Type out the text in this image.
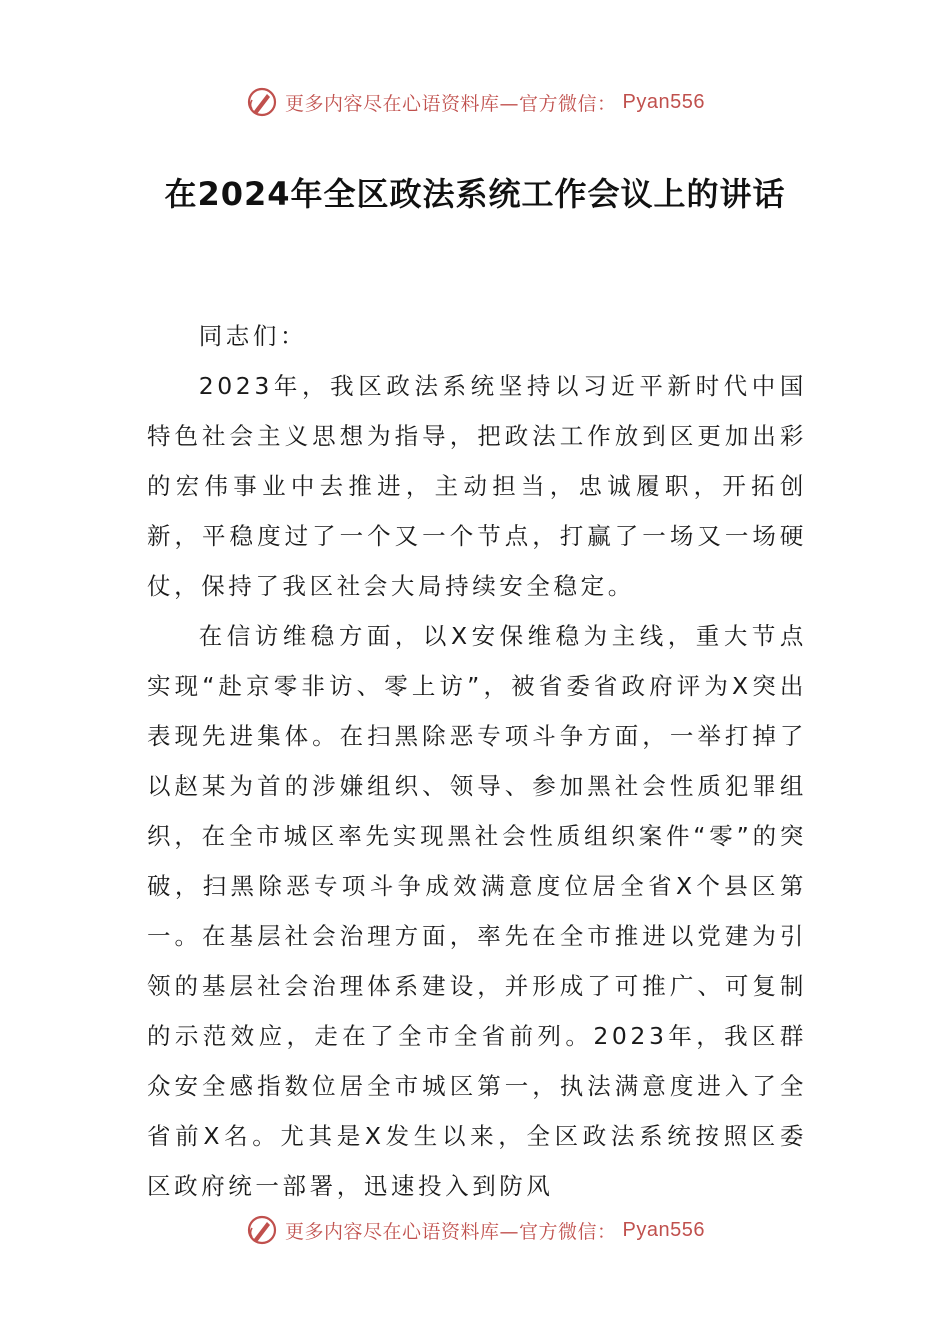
更多内容尽在心语资料库—官方微信： Pyan556
在2024年全区政法系统工作会议上的讲话

同志们：

2023年，我区政法系统坚持以习近平新时代中国特色社会主义思想为指导，把政法工作放到区更加出彩的宏伟事业中去推进，主动担当，忠诚履职，开拓创新，平稳度过了一个又一个节点，打赢了一场又一场硬仗，保持了我区社会大局持续安全稳定。

在信访维稳方面，以X安保维稳为主线，重大节点实现“赴京零非访、零上访”，被省委省政府评为X突出表现先进集体。在扫黑除恶专项斗争方面，一举打掉了以赵某为首的涉嫌组织、领导、参加黑社会性质犯罪组织，在全市城区率先实现黑社会性质组织案件“零”的突破，扫黑除恶专项斗争成效满意度位居全省X个县区第一。在基层社会治理方面，率先在全市推进以党建为引领的基层社会治理体系建设，并形成了可推广、可复制的示范效应，走在了全市全省前列。2023年，我区群众安全感指数位居全市城区第一，执法满意度进入了全省前X名。尤其是X发生以来，全区政法系统按照区委区政府统一部署，迅速投入到防风

更多内容尽在心语资料库—官方微信： Pyan556
